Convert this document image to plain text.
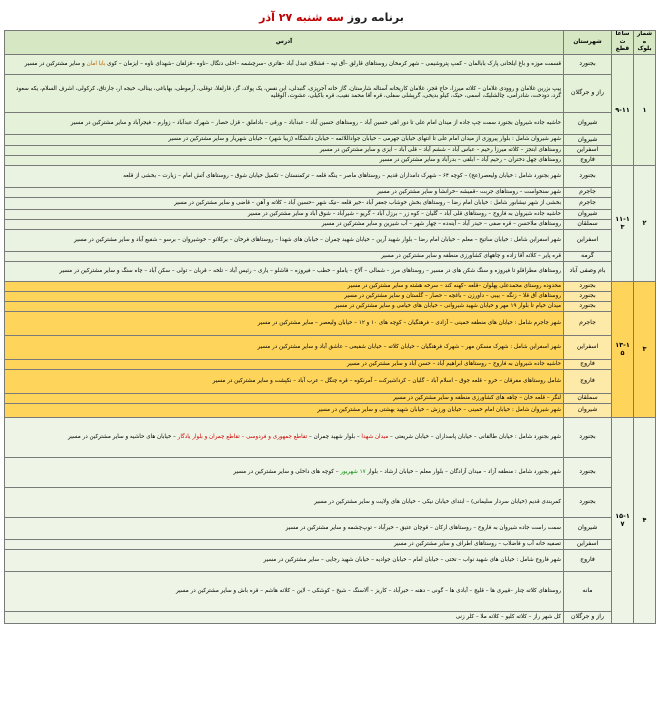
برنامه روز
سه شنبه ۲۷ آذر
شماره بلوک	ساعات قطع	شهرستان	آدرس
۱	۹-۱۱	بجنورد	قسمت موزه و باغ ایلخانی پارک بابالمان – کمپ پتروشیمی – شهر کرمخان روستاهای قارلق –آق تپه – فشلاق عبدل آباد –هاتری –سرچشمه –اخلی دنگال –ناوه –قزلقان –شهدای ناوه – ایزمان – کوی بابا امان و سایر مشترکین در مسیر
		راز و جرگلان	پیپ بزرین غلامان و روودی غلامان – کلاته میرزا، حاج قجر، غلامان کاریخانه آستاله شارستان، گاز خانه آجرپزی، گنبدلی، ابن نفس، یک پولاد، گز، قارلقلا، توقلی، آرموطی، بهاباغی، یینالی، خیجه ار، جارتاق، کرکولی، اشرف السلام، یکه سعود گرد، دودخت، شادرامی، چالشلیک، اسمی، حیک، کیلو بدیخی، گرپشلی سفلی، قره آقا محمد نقیب، قره باکیلی، عشوت، آلوقلیه
		شیروان	حاشیه جاده شیروان بجنورد سمت چپ جاده از میدان امام علی تا دور اهی حسین آباد – روستاهای حسین آباد – عبدآباد – ورقی – باداملق – قزل حصار – شهرک عبدآباد – زوارم – فیجرآباد و سایر مشترکین در مسیر
		شیروان	شهر شیروان شامل : بلوار پیروزی از میدان امام علی تا انتهای خیابان جهرمی – خیابان جواداللائمه – خیابان دانشگاه (زیبا شهر) – خیابان شهریار و سایر مشترکین در مسیر
		اسفراین	روستاهای ابتجز – کلاته میرزا رحیم – عباس آباد – ششم آباد – قلی آباد – ایزی و سایر مشترکین در مسیر
		فاروج	روستاهای چهل دختران – رحیم آباد – ابلقی – بدرآباد و سایر مشترکین در مسیر
۲	۱۱-۱۳	بجنورد	شهر بجنورد شامل : خیابان ولیعصر(عج) – کوچه ۶۴ – شهرک دامداران قدیم – روستاهای ماصر – ینگه قلعه – ترکمنستان – تکمیل خیابان شوق – روستاهای آتش امام – زیارت – بخشی از قلعه
		جاجرم	شهر سنخواست – روستاهای جربت –قمیشه –خرانشا و سایر مشترکین در مسیر
		جاجرم	بخشی از شهر نیشابور شامل : خیابان امام رضا – روستاهای بخش خوشاب جعفر آباد –خیر قلعه –نیک شهر –حسین آباد – کلاته و آهن – قاضی و سایر مشترکین در مسیر
		شیروان	حاشیه جاده شیروان به فاروج – روستاهای قلی آباد – گلیان – کوه زر – برزل آباد – گریو – شیرآباد – شوق آباد و سایر مشترکین در مسیر
		سملقان	روستاهای ملاحسن – قره صفی – حیدر آباد – آینه‌ده – چهار شهر – آب شیرین و سایر مشترکین در مسیر
		اسفراین	شهر اسفراین شامل : خیابان ساتیح – معلم – خیابان امام رضا – بلوار شهید آرین – خیابان شهید چمران – خیابان های شهدا – روستاهای فرخان – برکلاتو – خوشیروان – برسو – شفیع آباد و سایر مشترکین در مسیر
		گرمه	قره پایر – کلاته آقا زاده و چاههای کشاورزی منطقه و سایر مشترکین در مسیر
		بام وصفی آباد	روستاهای مطراقلو تا فیروزه و سنگ شکن های در مسیر – روستاهای مرز – شمالی – آلاخ – یاملو – خطب – فیروزه – قاشلو – یاری – رئیس آباد – تلخه – قربان – تولی – سکن آباد – چاه سنگ و سایر مشترکین در مسیر
۳	۱۳-۱۵	بجنورد	محدوده روستای محمدعلی پهلوان –قلعه –کهنه کند – سرخه هشته و سایر مشترکین در مسیر
		بجنورد	روستاهای آق قلا – زنگه – بیبی – داورزن – باغچه – حصار – گلستان و سایر مشترکین در مسیر
		بجنورد	میدان خیام تا بلوار ۱۹ مهر و خیابان شهید شیروانی – خیابان های خیامی و سایر مشترکین در مسیر
		جاجرم	شهر جاجرم شامل : خیابان های منطقه خمینی – آزادی – فرهنگیان – کوچه های ۱۰ و ۱۲ – خیابان ولیعصر – سایر مشترکین در مسیر
		اسفراین	شهر اسفراین شامل : شهرک مسکن مهر – شهرک فرهنگیان – خیابان کلاته – خیابان شفیعی – عاشق آباد و سایر مشترکین در مسیر
		فاروج	حاشیه جاده شیروان به فاروج – روستاهای ابراهیم آباد – حسن آباد و سایر مشترکین در مسیر
		فاروج	شامل روستاهای مفرقان – خرو – قلعه جوق – اسلام آباد – گلیان – کرداشیرکت – آمرنکوه – قره چنگل – عرب آباد – نکپشت و سایر مشترکین در مسیر
		سملقان	لنگر – قلعه خان – چاهه های کشاورزی منطقه و سایر مشترکین در مسیر
		شیروان	شهر شیروان شامل : خیابان امام خمینی – خیابان ورزش – خیابان شهید بهشتی و سایر مشترکین در مسیر
۴	۱۵-۱۷	بجنورد	شهر بجنورد شامل : خیابان طالقانی – خیابان پاسداران – خیابان شریعتی – میدان شهدا – بلوار شهید چمران – تقاطع جمهوری و فردوسی – تقاطع چمران و بلوار یادگار – خیابان های حاشیه و سایر مشترکین در مسیر
		بجنورد	شهر بجنورد شامل : منطقه آزاد – میدان آزادگان – بلوار معلم – خیابان ارشاد – بلوار ۱۷ شهریور – کوچه های داخلی و سایر مشترکین در مسیر
		بجنورد	کمربندی قدیم (خیابان سردار سلیمانی) – ابتدای خیابان نیکی – خیابان های ولایت و سایر مشترکین در مسیر
		شیروان	سمت راست جاده شیروان به فاروج – روستاهای ارکان – قوچان عتیق – خیرآباد – توپ‌چشمه و سایر مشترکین در مسیر
		اسفراین	تصفیه خانه آب و فاضلاب – روستاهای اطراف و سایر مشترکین در مسیر
		فاروج	شهر فاروج شامل : خیابان های شهید نواب – تختی – خیابان امام – خیابان جوادیه – خیابان شهید رجایی – سایر مشترکین در مسیر
		مانه	روستاهای کلاته چنار –قیبری ها – قلیچ – آبادی ها – گونی – دهنه – خیرآباد – کاریز – آلاسنگ – شیخ – کوشکی – لاین – کلاته هاشم – قره باش و سایر مشترکین در مسیر
		راز و جرگلان	کل شهر راز – کلاته کلیو – کلاته ملا – کلر زنی
